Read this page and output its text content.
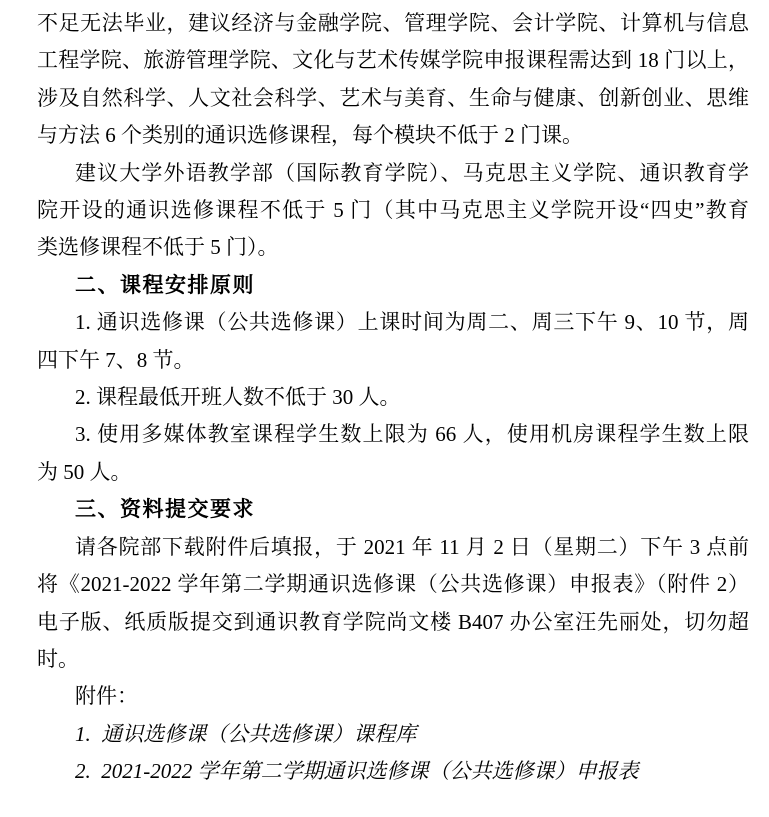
不足无法毕业，建议经济与金融学院、管理学院、会计学院、计算机与信息
工程学院、旅游管理学院、文化与艺术传媒学院申报课程需达到 18 门以上，
涉及自然科学、人文社会科学、艺术与美育、生命与健康、创新创业、思维
与方法 6 个类别的通识选修课程，每个模块不低于 2 门课。
建议大学外语教学部（国际教育学院）、马克思主义学院、通识教育学
院开设的通识选修课程不低于 5 门（其中马克思主义学院开设“四史”教育
类选修课程不低于 5 门）。
二、课程安排原则
1. 通识选修课（公共选修课）上课时间为周二、周三下午 9、10 节，周
四下午 7、8 节。
2. 课程最低开班人数不低于 30 人。
3. 使用多媒体教室课程学生数上限为 66 人，使用机房课程学生数上限
为 50 人。
三、资料提交要求
请各院部下载附件后填报，于 2021 年 11 月 2 日（星期二）下午 3 点前
将《2021-2022 学年第二学期通识选修课（公共选修课）申报表》（附件 2）
电子版、纸质版提交到通识教育学院尚文楼 B407 办公室汪先丽处，切勿超
时。
附件：
1.  通识选修课（公共选修课）课程库
2.  2021-2022 学年第二学期通识选修课（公共选修课）申报表
